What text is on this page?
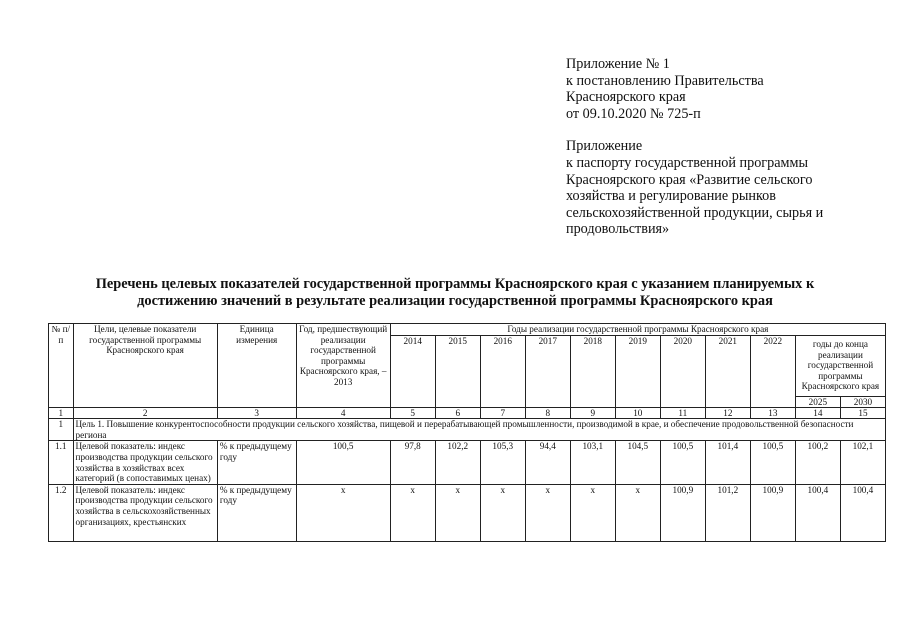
Приложение № 1
к постановлению Правительства
Красноярского края
от 09.10.2020 № 725-п
Приложение
к паспорту государственной программы
Красноярского края «Развитие сельского
хозяйства и регулирование рынков
сельскохозяйственной продукции, сырья и
продовольствия»
Перечень целевых показателей государственной программы Красноярского края с указанием планируемых к
достижению значений в результате реализации государственной программы Красноярского края
№ п/п	Цели, целевые показатели государственной программы Красноярского края	Единица измерения	Год, предшествующий реализации государственной программы Красноярского края, – 2013	Годы реализации государственной программы Красноярского края										
				2014	2015	2016	2017	2018	2019	2020	2021	2022	годы до конца реализации государственной программы Красноярского края	
													2025	2030
1	2	3	4	5	6	7	8	9	10	11	12	13	14	15
1	Цель 1. Повышение конкурентоспособности продукции сельского хозяйства, пищевой и перерабатывающей промышленности, производимой в крае, и обеспечение продовольственной безопасности региона													
1.1	Целевой показатель: индекс производства продукции сельского хозяйства в хозяйствах всех категорий (в сопоставимых ценах)	% к предыдущему году	100,5	97,8	102,2	105,3	94,4	103,1	104,5	100,5	101,4	100,5	100,2	102,1
1.2	Целевой показатель: индекс производства продукции сельского хозяйства в сельскохозяйственных организациях, крестьянских	% к предыдущему году	x	x	x	x	x	x	x	100,9	101,2	100,9	100,4	100,4
